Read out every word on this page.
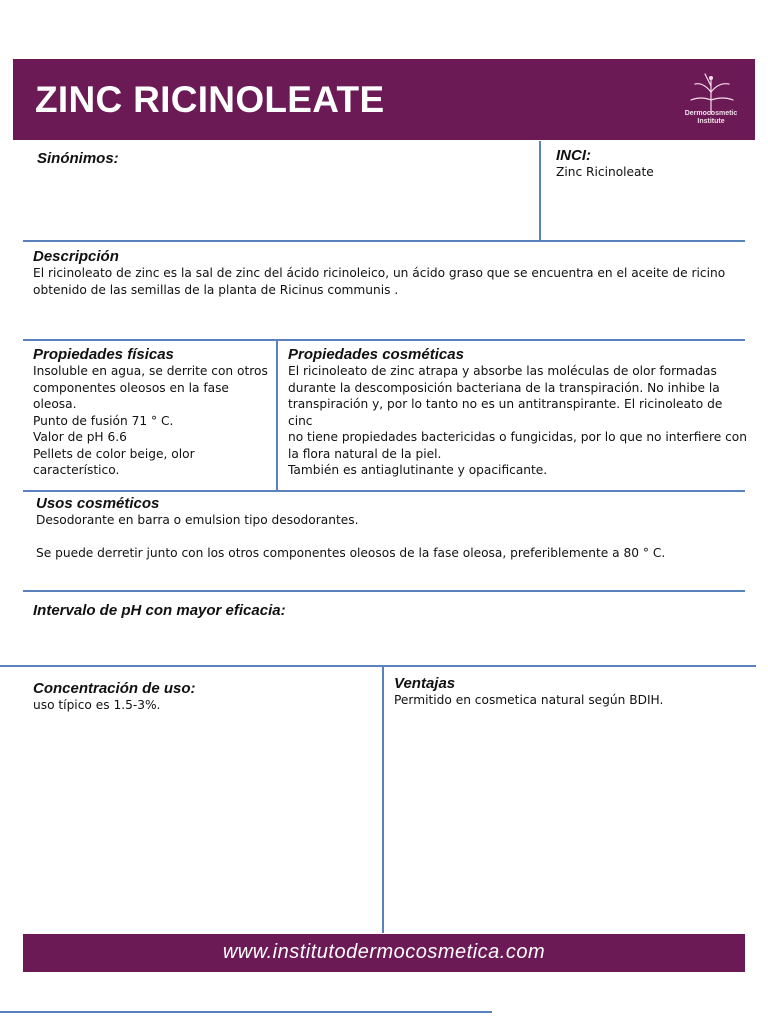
ZINC RICINOLEATE	Dermocosmetic Institute
Sinónimos:	INCI:
Zinc Ricinoleate
Descripción
El ricinoleato de zinc es la sal de zinc del ácido ricinoleico, un ácido graso que se encuentra en el aceite de ricino
obtenido de las semillas de la planta de Ricinus communis .
Propiedades físicas
Insoluble en agua, se derrite con otros
componentes oleosos en la fase oleosa.
Punto de fusión 71 ° C.
Valor de pH 6.6
Pellets de color beige, olor
característico.
Propiedades cosméticas
El ricinoleato de zinc atrapa y absorbe las moléculas de olor formadas
durante la descomposición bacteriana de la transpiración. No inhibe la
transpiración y, por lo tanto no es un antitranspirante. El ricinoleato de cinc
no tiene propiedades bactericidas o fungicidas, por lo que no interfiere con
la flora natural de la piel.
También es antiaglutinante y opacificante.
Usos cosméticos
Desodorante en barra o emulsion tipo desodorantes.

Se puede derretir junto con los otros componentes oleosos de la fase oleosa, preferiblemente a 80 ° C.
Intervalo de pH con mayor eficacia:
Concentración de uso:
uso típico es 1.5-3%.
Ventajas
Permitido en cosmetica natural según BDIH.
www.institutodermocosmetica.com
